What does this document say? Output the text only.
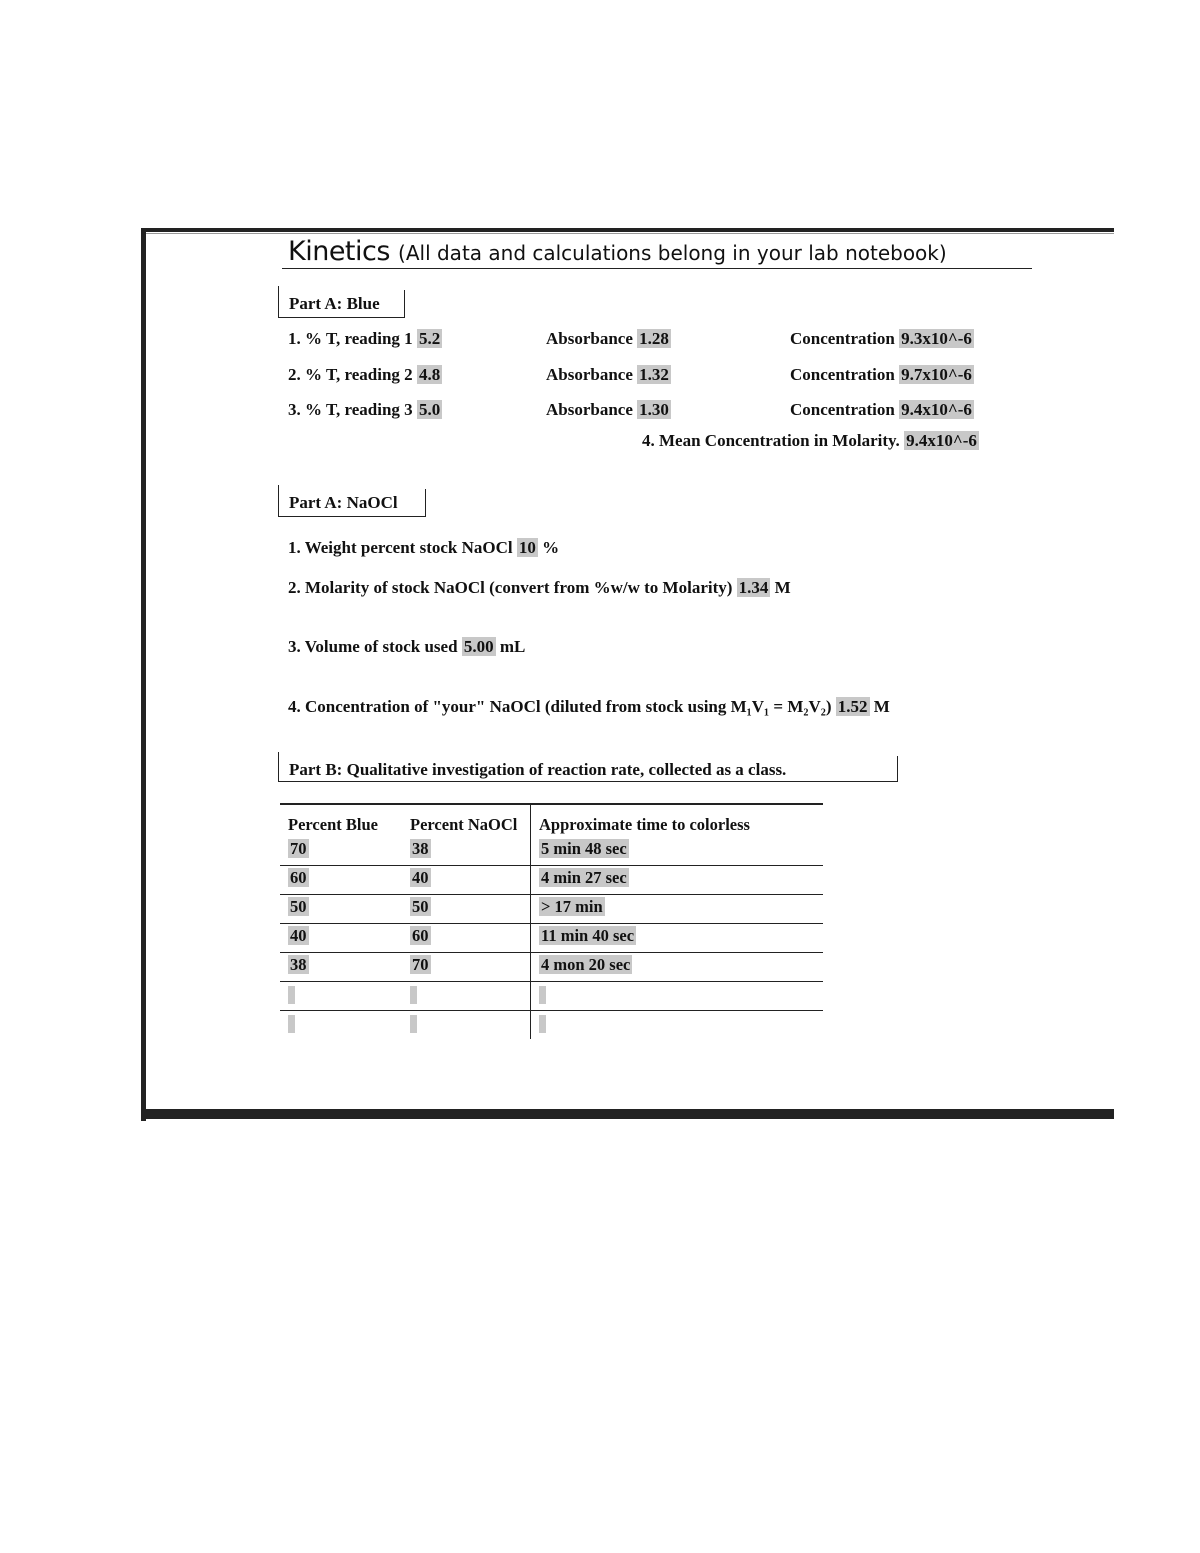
Kinetics (All data and calculations belong in your lab notebook)
Part A: Blue
1. % T, reading 1 5.2	Absorbance 1.28	Concentration 9.3x10^-6
2. % T, reading 2 4.8	Absorbance 1.32	Concentration 9.7x10^-6
3. % T, reading 3 5.0	Absorbance 1.30	Concentration 9.4x10^-6
4. Mean Concentration in Molarity. 9.4x10^-6
Part A: NaOCl
1. Weight percent stock NaOCl 10 %
2. Molarity of stock NaOCl (convert from %w/w to Molarity) 1.34 M
3. Volume of stock used 5.00 mL
4. Concentration of "your" NaOCl (diluted from stock using M₁V₁ = M₂V₂) 1.52 M
Part B: Qualitative investigation of reaction rate, collected as a class.
Percent Blue	Percent NaOCl	Approximate time to colorless
70	38	5 min 48 sec
60	40	4 min 27 sec
50	50	> 17 min
40	60	11 min 40 sec
38	70	4 mon 20 sec
